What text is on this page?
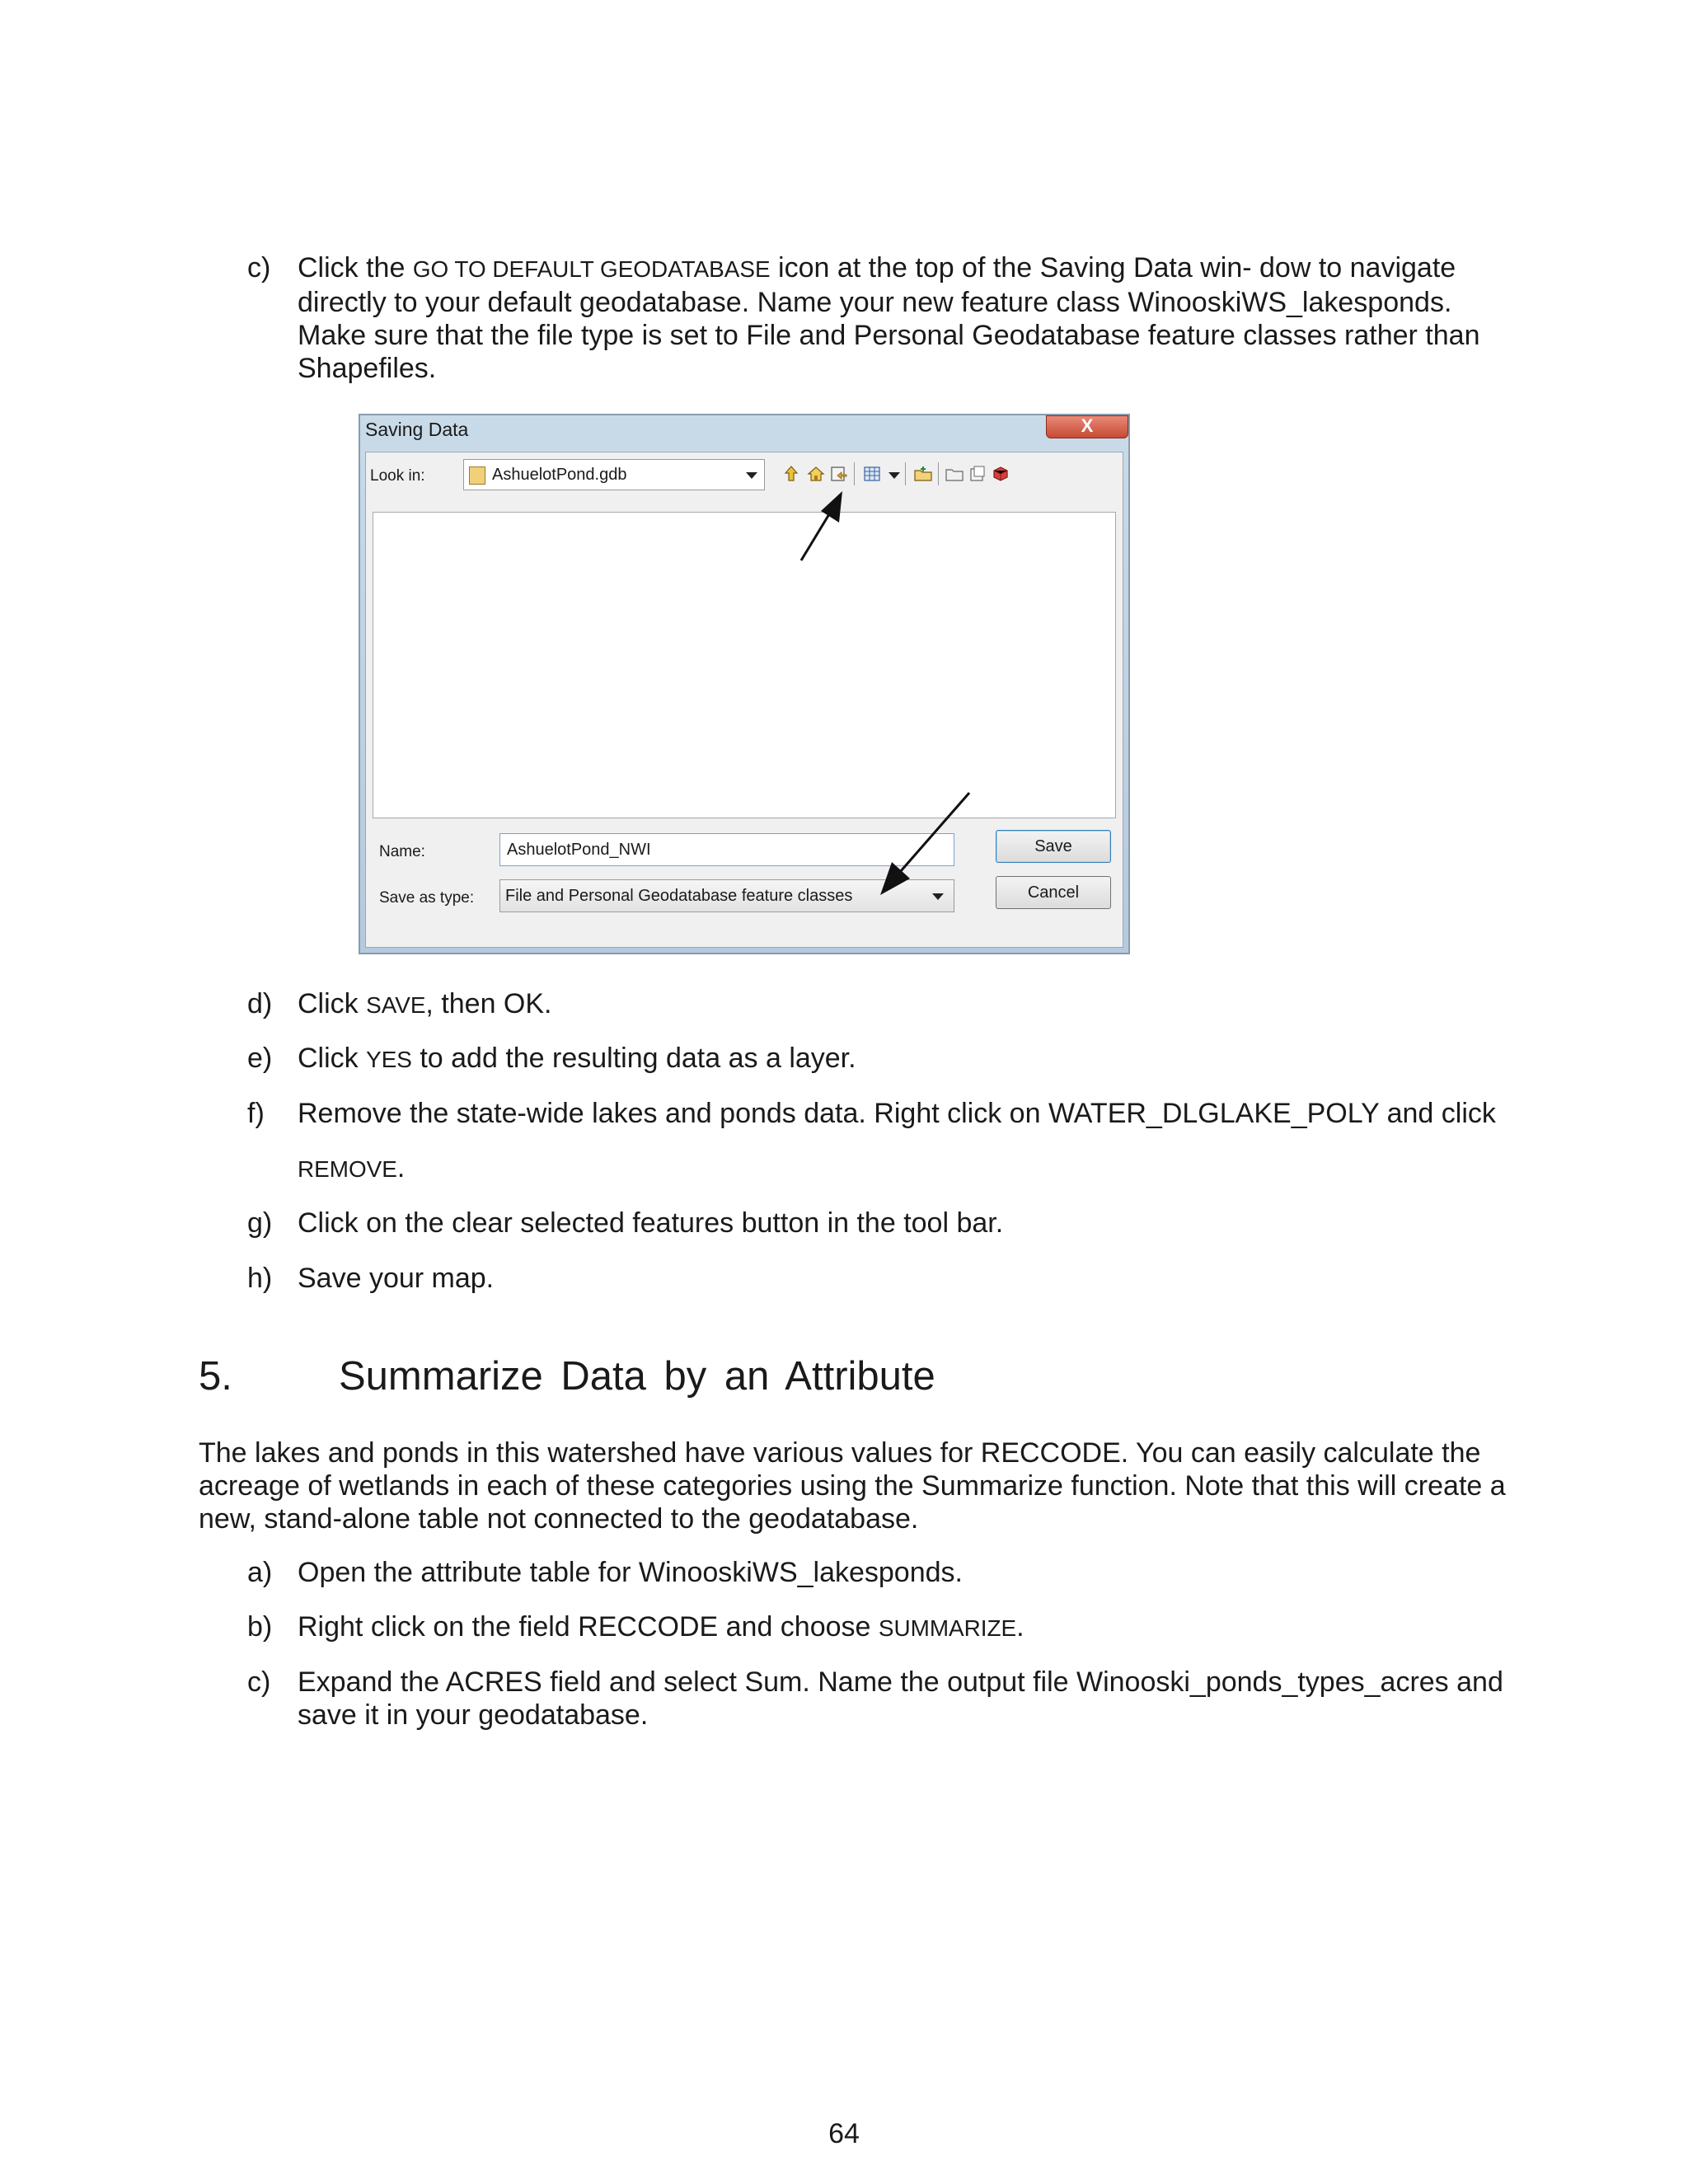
c) Click the GO TO DEFAULT GEODATABASE icon at the top of the Saving Data win- dow to navigate
directly to your default geodatabase. Name your new feature class WinooskiWS_lakesponds.
Make sure that the file type is set to File and Personal Geodatabase feature classes rather than
Shapefiles.
Saving Data	X
Look in:	AshuelotPond.gdb
Name:	AshuelotPond_NWI
Save as type:	File and Personal Geodatabase feature classes
Save
Cancel
d) Click SAVE, then OK.
e) Click YES to add the resulting data as a layer.
f)	Remove the state-wide lakes and ponds data. Right click on WATER_DLGLAKE_POLY and click
REMOVE.
g) Click on the clear selected features button in the tool bar.
h) Save your map.
5.	Summarize Data by an Attribute
The lakes and ponds in this watershed have various values for RECCODE. You can easily calculate the
acreage of wetlands in each of these categories using the Summarize function. Note that this will create a
new, stand-alone table not connected to the geodatabase.
a) Open the attribute table for WinooskiWS_lakesponds.
b) Right click on the field RECCODE and choose SUMMARIZE.
c) Expand the ACRES field and select Sum. Name the output file Winooski_ponds_types_acres and
save it in your geodatabase.
64
